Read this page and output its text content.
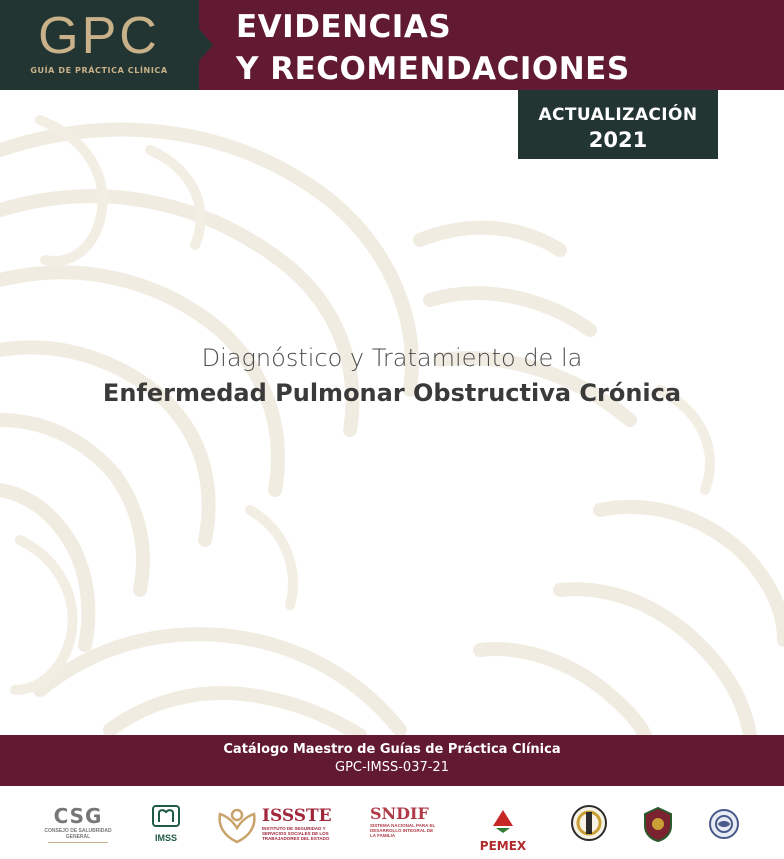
GPC
GUÍA DE PRÁCTICA CLÍNICA
EVIDENCIAS
Y RECOMENDACIONES
ACTUALIZACIÓN
2021
Diagnóstico y Tratamiento de la
Enfermedad Pulmonar Obstructiva Crónica
Catálogo Maestro de Guías de Práctica Clínica
GPC-IMSS-037-21
CSG
CONSEJO DE SALUBRIDAD GENERAL	IMSS
ISSSTE
INSTITUTO DE SEGURIDAD Y SERVICIOS SOCIALES DE LOS TRABAJADORES DEL ESTADO
SNDIF
SISTEMA NACIONAL PARA EL DESARROLLO INTEGRAL DE LA FAMILIA
PEMEX
